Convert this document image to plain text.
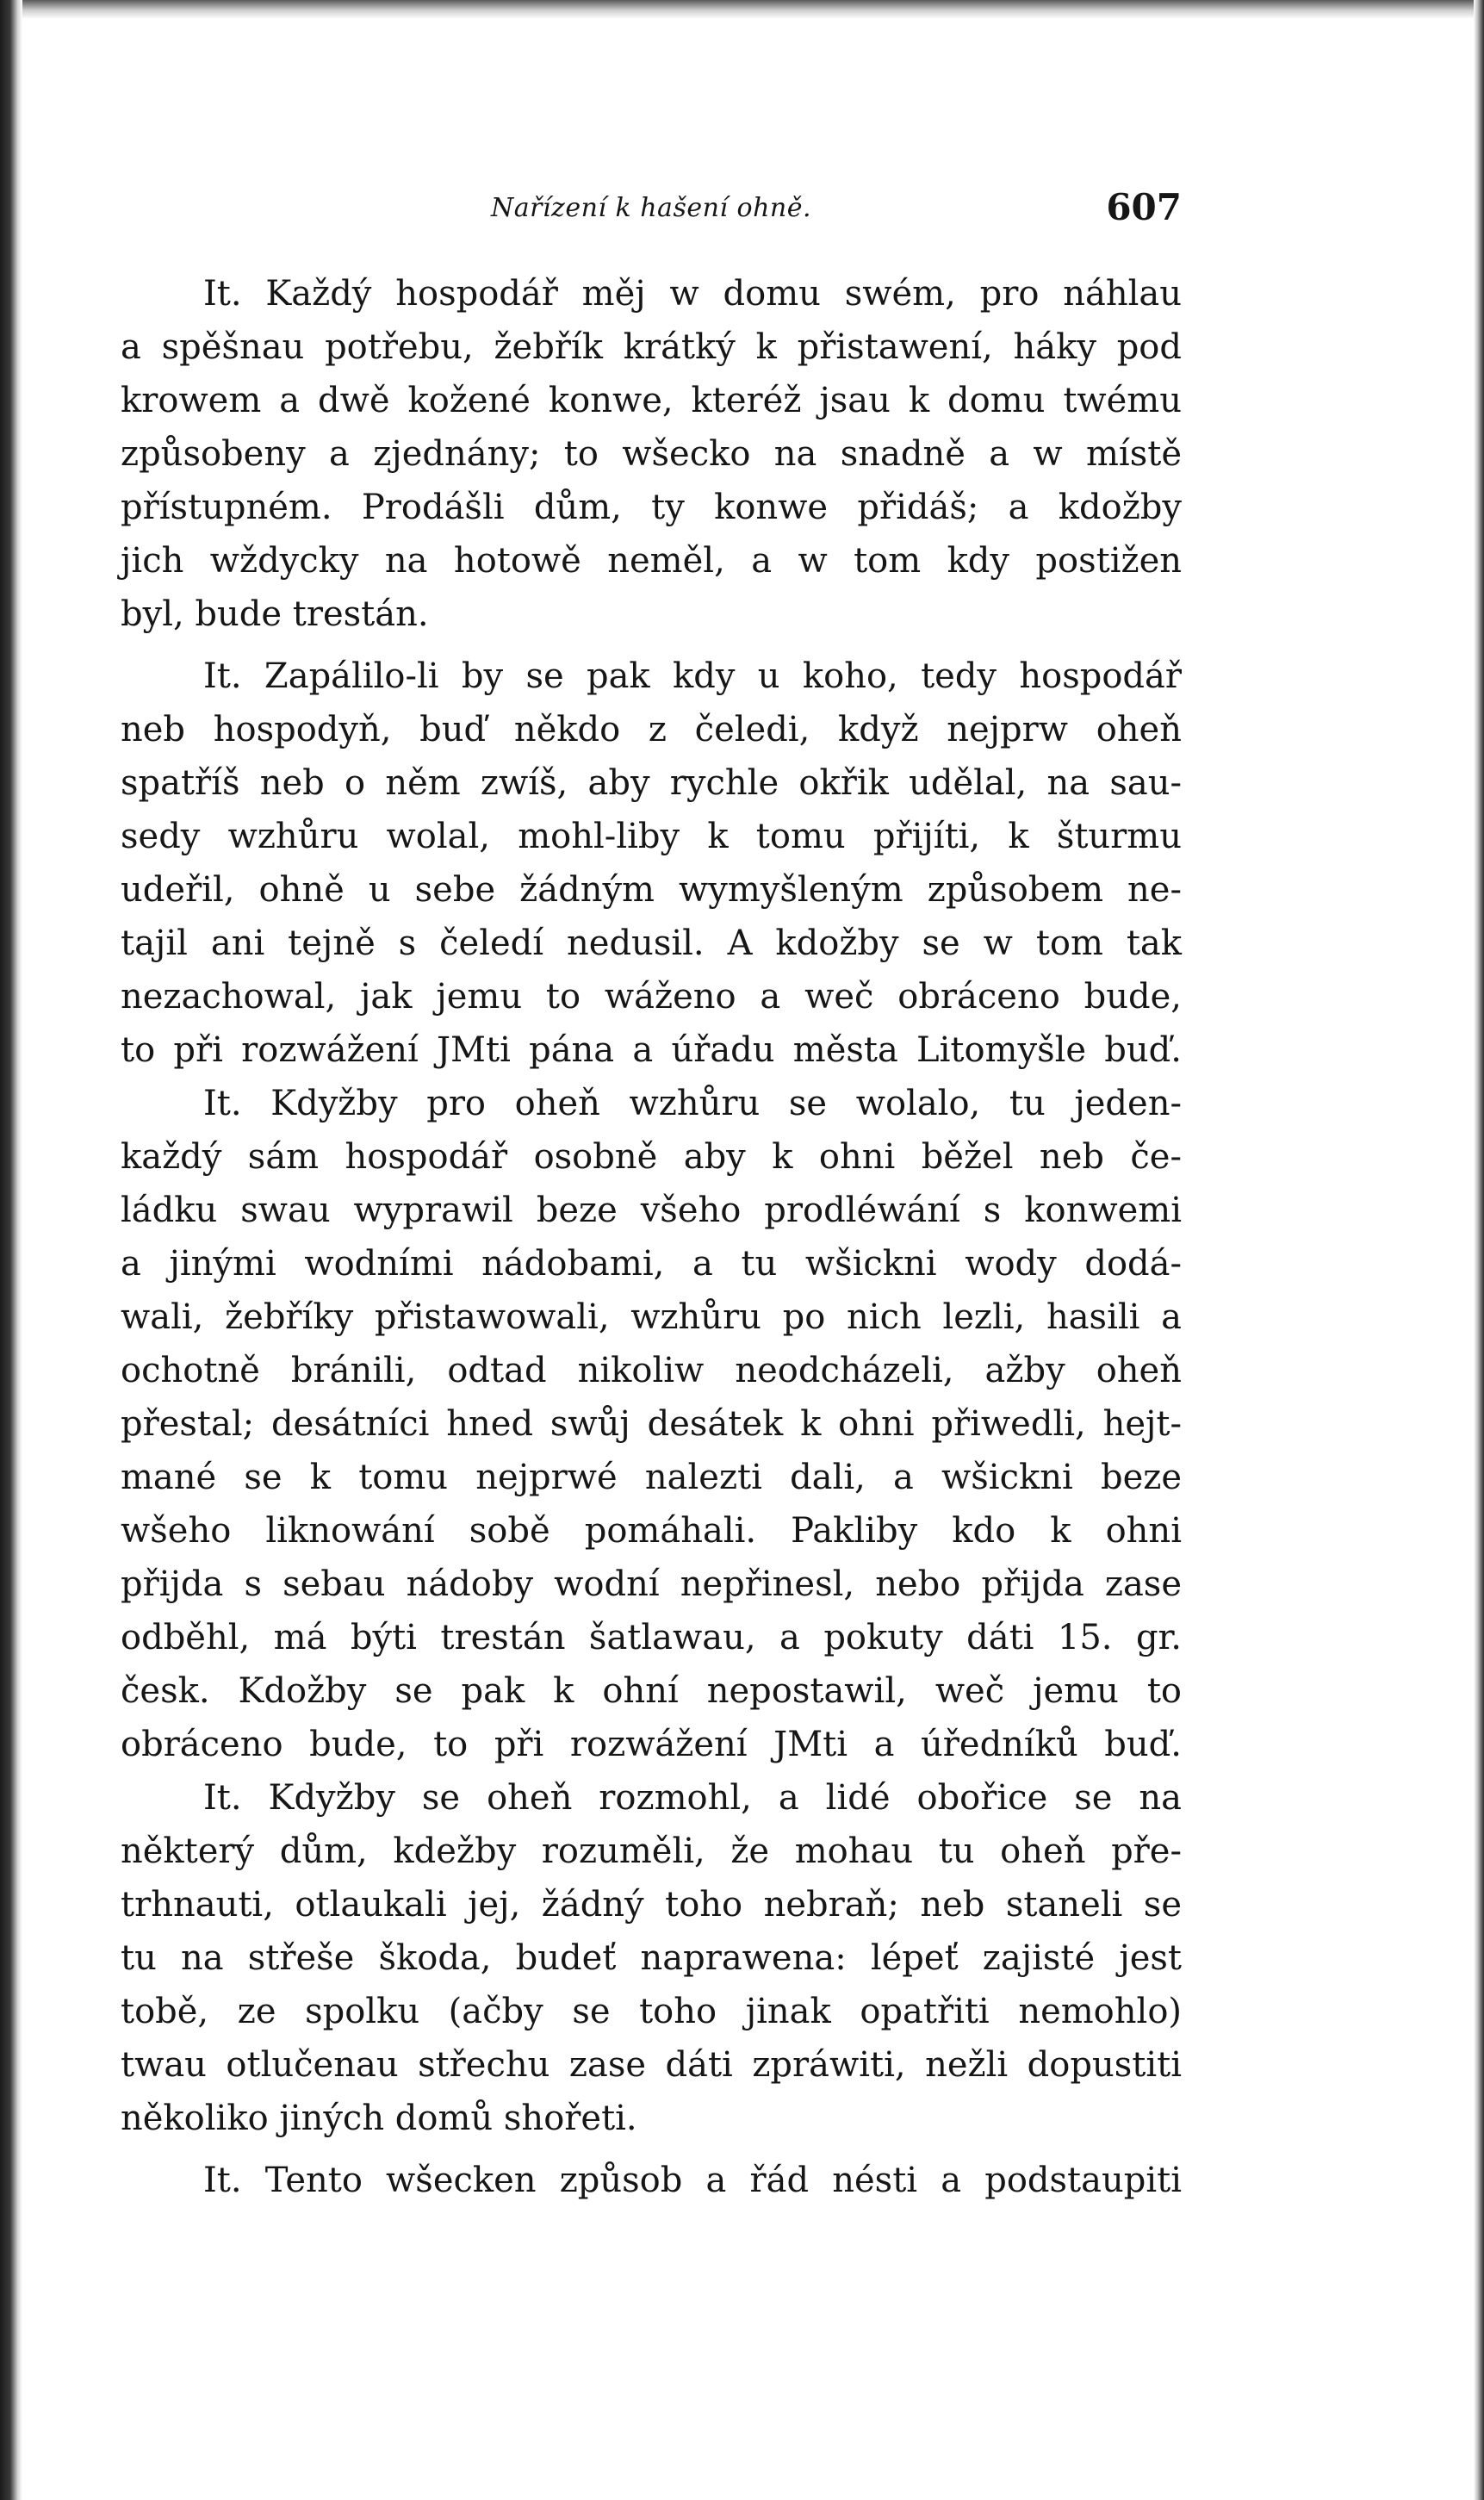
Nařízení k hašení ohně.	607

It. Každý hospodář měj w domu swém, pro náhlau

a spěšnau potřebu, žebřík krátký k přistawení, háky pod

krowem a dwě kožené konwe, kteréž jsau k domu twému

způsobeny a zjednány; to wšecko na snadně a w místě

přístupném. Prodášli dům, ty konwe přidáš; a kdožby

jich wždycky na hotowě neměl, a w tom kdy postižen

byl, bude trestán.

It. Zapálilo-li by se pak kdy u koho, tedy hospodář

neb hospodyň, buď někdo z čeledi, když nejprw oheň

spatříš neb o něm zwíš, aby rychle okřik udělal, na sau-

sedy wzhůru wolal, mohl-liby k tomu přijíti, k šturmu

udeřil, ohně u sebe žádným wymyšleným způsobem ne-

tajil ani tejně s čeledí nedusil. A kdožby se w tom tak

nezachowal, jak jemu to wáženo a weč obráceno bude,

to při rozwážení JMti pána a úřadu města Litomyšle buď.

It. Kdyžby pro oheň wzhůru se wolalo, tu jeden-

každý sám hospodář osobně aby k ohni běžel neb če-

ládku swau wyprawil beze všeho prodléwání s konwemi

a jinými wodními nádobami, a tu wšickni wody dodá-

wali, žebříky přistawowali, wzhůru po nich lezli, hasili a

ochotně bránili, odtad nikoliw neodcházeli, ažby oheň

přestal; desátníci hned swůj desátek k ohni přiwedli, hejt-

mané se k tomu nejprwé nalezti dali, a wšickni beze

wšeho liknowání sobě pomáhali. Pakliby kdo k ohni

přijda s sebau nádoby wodní nepřinesl, nebo přijda zase

odběhl, má býti trestán šatlawau, a pokuty dáti 15. gr.

česk. Kdožby se pak k ohní nepostawil, weč jemu to

obráceno bude, to při rozwážení JMti a úředníků buď.

It. Kdyžby se oheň rozmohl, a lidé obořice se na

některý dům, kdežby rozuměli, že mohau tu oheň pře-

trhnauti, otlaukali jej, žádný toho nebraň; neb staneli se

tu na střeše škoda, budeť naprawena: lépeť zajisté jest

tobě, ze spolku (ačby se toho jinak opatřiti nemohlo)

twau otlučenau střechu zase dáti zpráwiti, nežli dopustiti

několiko jiných domů shořeti.

It. Tento wšecken způsob a řád nésti a podstaupiti
